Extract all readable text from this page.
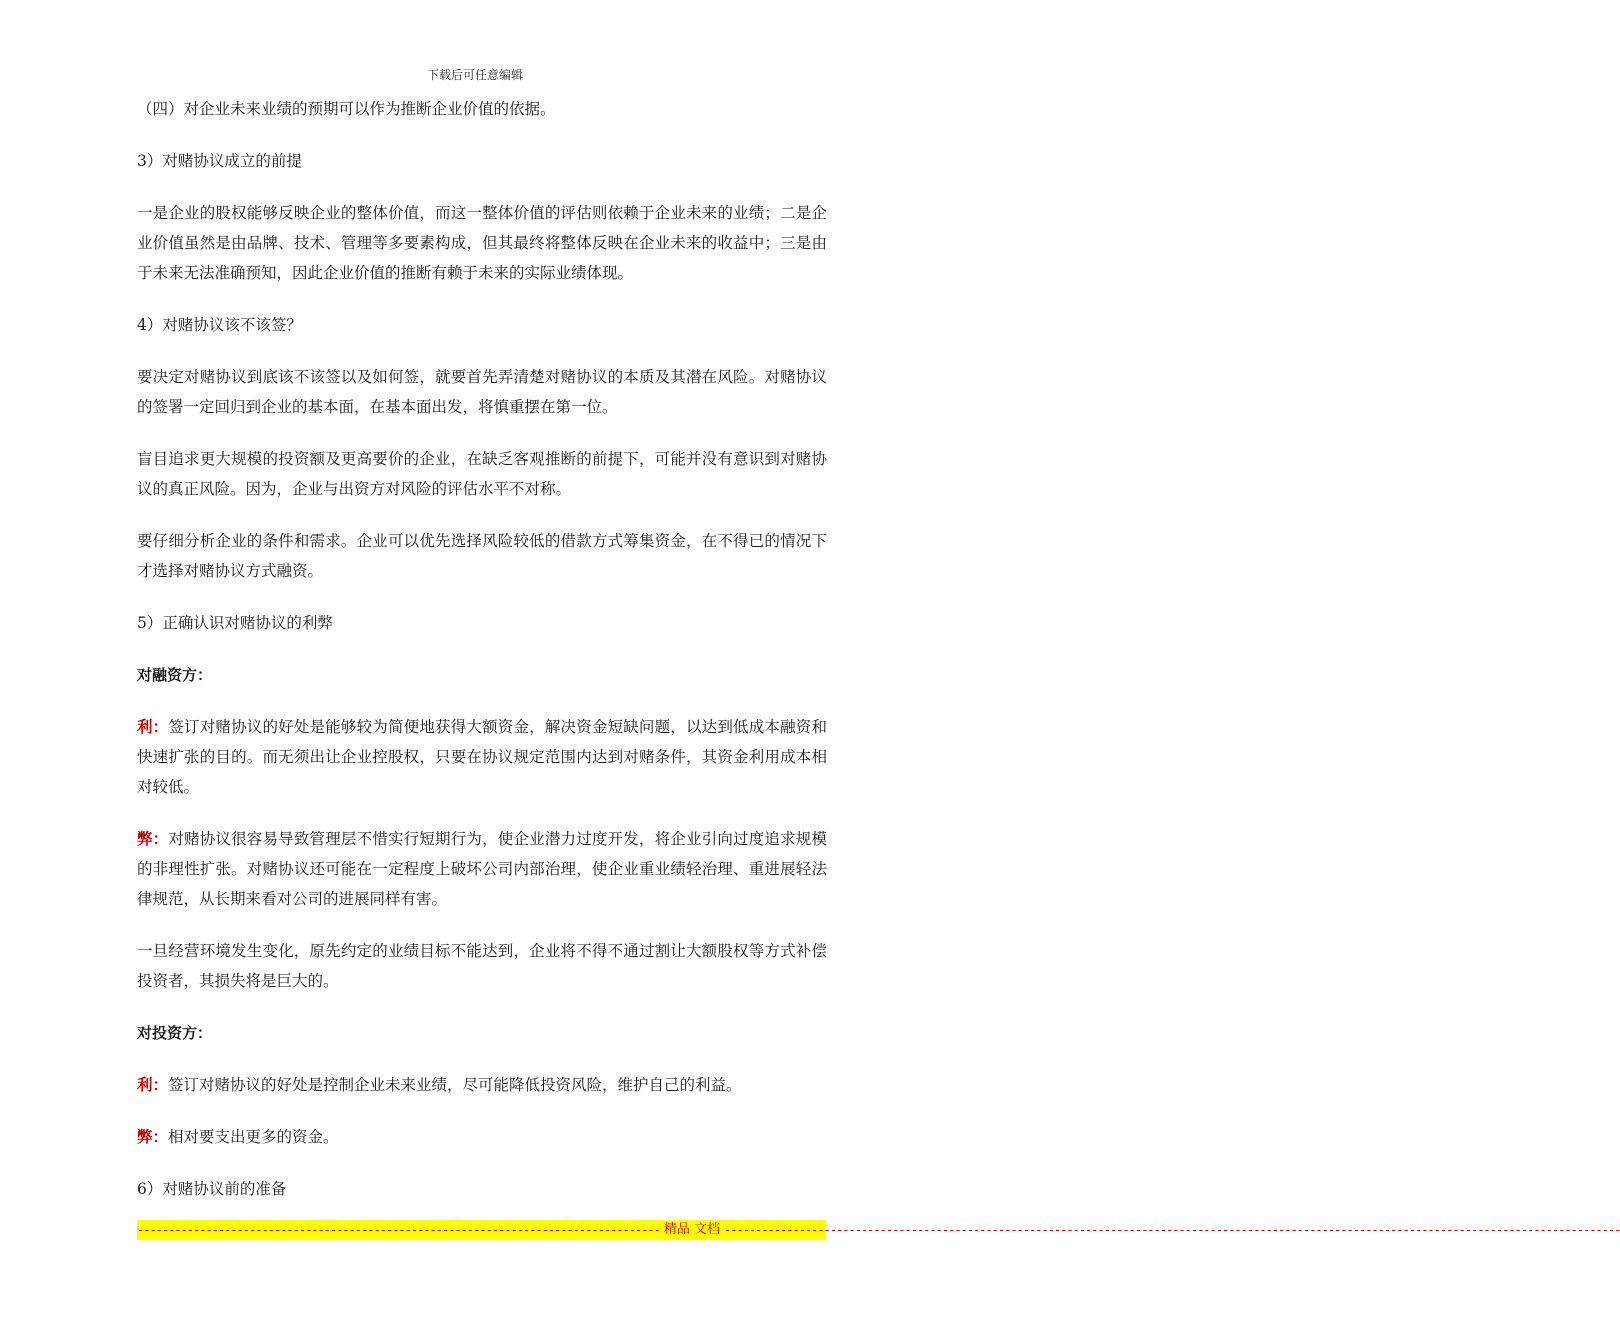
下载后可任意编辑

（四）对企业未来业绩的预期可以作为推断企业价值的依据。

3）对赌协议成立的前提

一是企业的股权能够反映企业的整体价值，而这一整体价值的评估则依赖于企业未来的业绩；二是企业价值虽然是由品牌、技术、管理等多要素构成，但其最终将整体反映在企业未来的收益中；三是由于未来无法准确预知，因此企业价值的推断有赖于未来的实际业绩体现。

4）对赌协议该不该签？

要决定对赌协议到底该不该签以及如何签，就要首先弄清楚对赌协议的本质及其潜在风险。对赌协议的签署一定回归到企业的基本面，在基本面出发，将慎重摆在第一位。

盲目追求更大规模的投资额及更高要价的企业，在缺乏客观推断的前提下，可能并没有意识到对赌协议的真正风险。因为，企业与出资方对风险的评估水平不对称。

要仔细分析企业的条件和需求。企业可以优先选择风险较低的借款方式筹集资金，在不得已的情况下才选择对赌协议方式融资。

5）正确认识对赌协议的利弊

对融资方：

利：签订对赌协议的好处是能够较为简便地获得大额资金，解决资金短缺问题，以达到低成本融资和快速扩张的目的。而无须出让企业控股权，只要在协议规定范围内达到对赌条件，其资金利用成本相对较低。

弊：对赌协议很容易导致管理层不惜实行短期行为，使企业潜力过度开发，将企业引向过度追求规模的非理性扩张。对赌协议还可能在一定程度上破坏公司内部治理，使企业重业绩轻治理、重进展轻法律规范，从长期来看对公司的进展同样有害。

一旦经营环境发生变化，原先约定的业绩目标不能达到，企业将不得不通过割让大额股权等方式补偿投资者，其损失将是巨大的。

对投资方：

利：签订对赌协议的好处是控制企业未来业绩，尽可能降低投资风险，维护自己的利益。

弊：相对要支出更多的资金。

6）对赌协议前的准备

------------------------------------------------------------------------------------ 精品 文档 ------------------------------------------------------------------------------------------------------------------------------------------------
